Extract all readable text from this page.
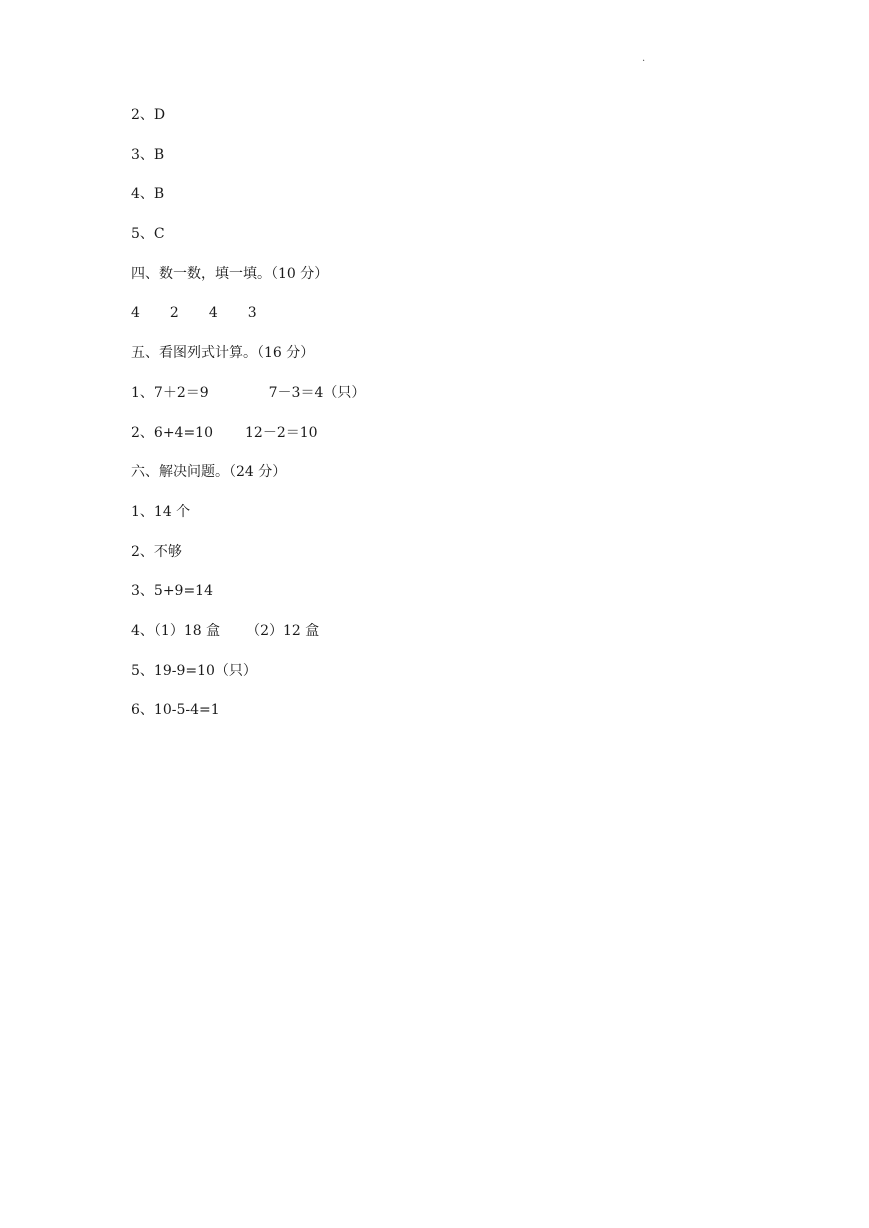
.
2、D
3、B
4、B
5、C
四、数一数，填一填。（10 分）
4 2 4 3
五、看图列式计算。（16 分）
1、7＋2＝9	7－3＝4（只）
2、6+4=10 12－2＝10
六、解决问题。（24 分）
1、14 个
2、不够
3、5+9=14
4、（1）18 盒 （2）12 盒
5、19-9=10（只）
6、10-5-4=1
